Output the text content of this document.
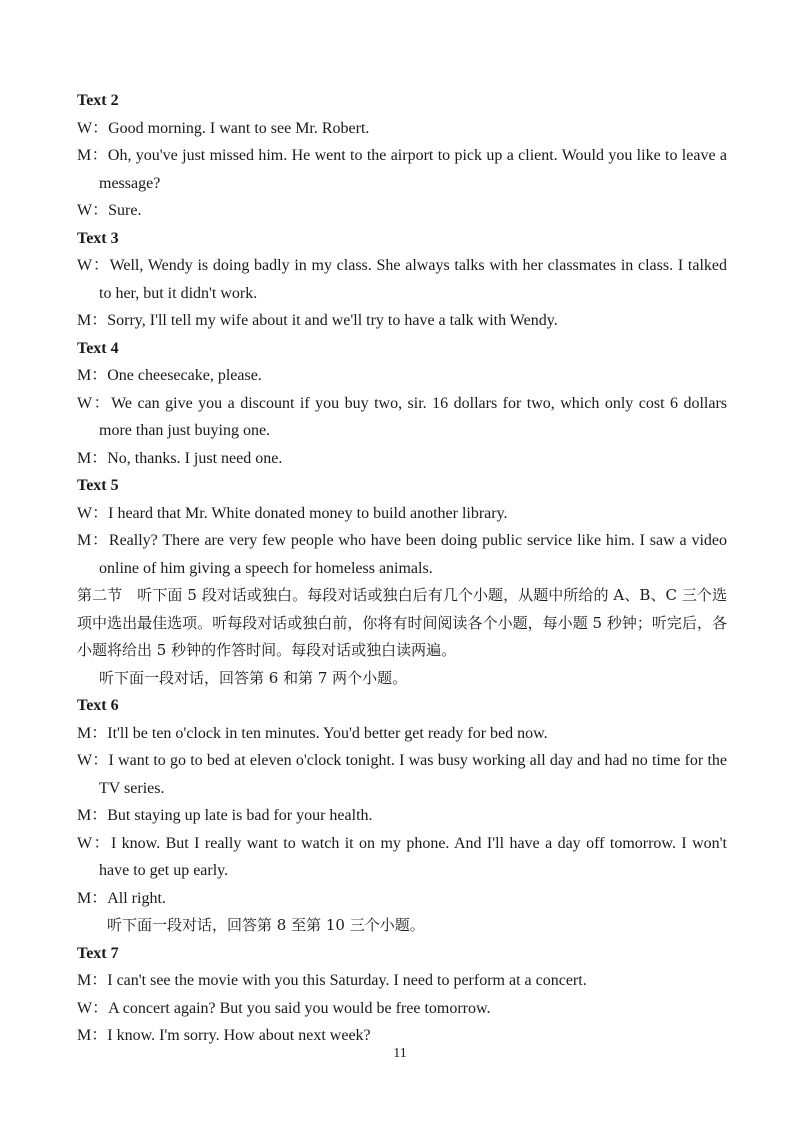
Text 2
W：Good morning. I want to see Mr. Robert.
M：Oh, you've just missed him. He went to the airport to pick up a client. Would you like to leave a message?
W：Sure.
Text 3
W：Well, Wendy is doing badly in my class. She always talks with her classmates in class. I talked to her, but it didn't work.
M：Sorry, I'll tell my wife about it and we'll try to have a talk with Wendy.
Text 4
M：One cheesecake, please.
W：We can give you a discount if you buy two, sir. 16 dollars for two, which only cost 6 dollars more than just buying one.
M：No, thanks. I just need one.
Text 5
W：I heard that Mr. White donated money to build another library.
M：Really? There are very few people who have been doing public service like him. I saw a video online of him giving a speech for homeless animals.
第二节　听下面 5 段对话或独白。每段对话或独白后有几个小题，从题中所给的 A、B、C 三个选项中选出最佳选项。听每段对话或独白前，你将有时间阅读各个小题，每小题 5 秒钟；听完后，各小题将给出 5 秒钟的作答时间。每段对话或独白读两遍。
听下面一段对话，回答第 6 和第 7 两个小题。
Text 6
M：It'll be ten o'clock in ten minutes. You'd better get ready for bed now.
W：I want to go to bed at eleven o'clock tonight. I was busy working all day and had no time for the TV series.
M：But staying up late is bad for your health.
W：I know. But I really want to watch it on my phone. And I'll have a day off tomorrow. I won't have to get up early.
M：All right.
听下面一段对话，回答第 8 至第 10 三个小题。
Text 7
M：I can't see the movie with you this Saturday. I need to perform at a concert.
W：A concert again? But you said you would be free tomorrow.
M：I know. I'm sorry. How about next week?
11
